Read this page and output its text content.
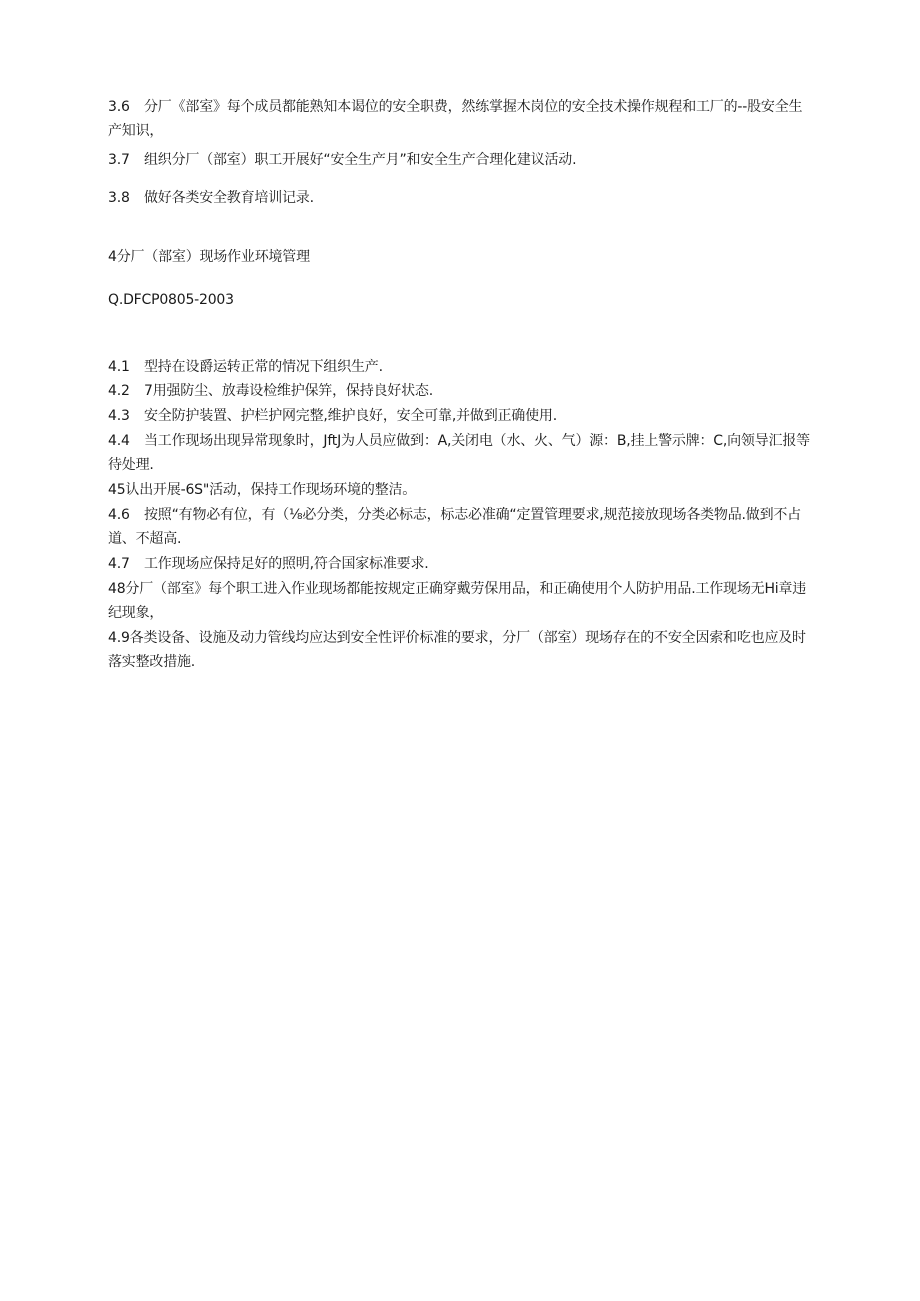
3.6 分厂《部室》每个成员都能熟知本谒位的安全职费，然练掌握木岗位的安全技术操作规程和工厂的--股安全生产知识，
3.7 组织分厂（部室）职工开展好“安全生产月”和安全生产合理化建议活动.
3.8 做好各类安全教育培训记录.
4分厂（部室）现场作业环境管理
Q.DFCP0805-2003
4.1 型持在设爵运转正常的情况下组织生产.
4.2 7用强防尘、放毒设检维护保笄，保持良好状态.
4.3 安全防护装置、护栏护网完整,维护良好，安全可靠,并做到正确使用.
4.4 当工作现场出现异常现象时，JftJ为人员应做到：A,关闭电（水、火、气）源：B,挂上警示牌：C,向领导汇报等待处理.
45认出开展-6S"活动，保持工作现场环境的整洁。
4.6 按照“有物必有位，有（⅛必分类，分类必标志，标志必准确“定置管理要求,规范接放现场各类物品.做到不占道、不超高.
4.7 工作现场应保持足好的照明,符合国家标准要求.
48分厂（部室》每个职工进入作业现场都能按规定正确穿戴劳保用品，和正确使用个人防护用品.工作现场无Hi章违纪现象，
4.9各类设备、设施及动力管线均应达到安全性评价标准的要求，分厂（部室）现场存在的不安全因索和吃也应及时落实整改措施.
